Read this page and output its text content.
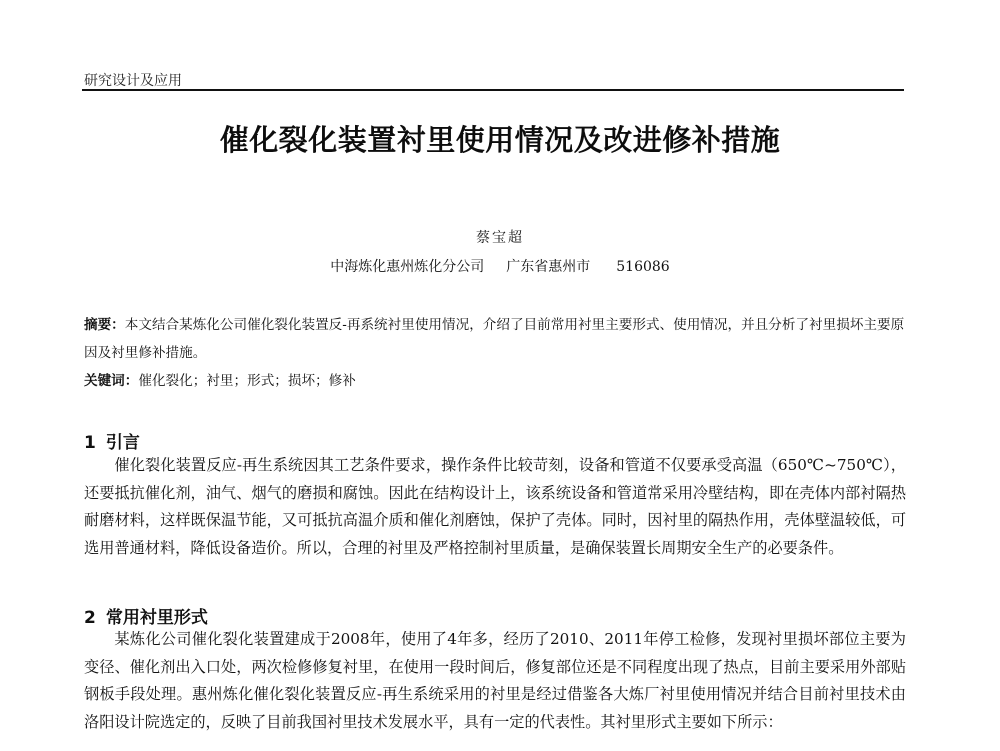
研究设计及应用
催化裂化装置衬里使用情况及改进修补措施
蔡宝超
中海炼化惠州炼化分公司 广东省惠州市 516086

摘要：本文结合某炼化公司催化裂化装置反-再系统衬里使用情况，介绍了目前常用衬里主要形式、使用情况，并且分析了衬里损坏主要原因及衬里修补措施。

关键词：催化裂化；衬里；形式；损坏；修补

1 引言

催化裂化装置反应-再生系统因其工艺条件要求，操作条件比较苛刻，设备和管道不仅要承受高温（650℃~750℃），还要抵抗催化剂，油气、烟气的磨损和腐蚀。因此在结构设计上，该系统设备和管道常采用冷壁结构，即在壳体内部衬隔热耐磨材料，这样既保温节能，又可抵抗高温介质和催化剂磨蚀，保护了壳体。同时，因衬里的隔热作用，壳体壁温较低，可选用普通材料，降低设备造价。所以，合理的衬里及严格控制衬里质量，是确保装置长周期安全生产的必要条件。

2 常用衬里形式

某炼化公司催化裂化装置建成于2008年，使用了4年多，经历了2010、2011年停工检修，发现衬里损坏部位主要为变径、催化剂出入口处，两次检修修复衬里，在使用一段时间后，修复部位还是不同程度出现了热点，目前主要采用外部贴钢板手段处理。惠州炼化催化裂化装置反应-再生系统采用的衬里是经过借鉴各大炼厂衬里使用情况并结合目前衬里技术由洛阳设计院选定的，反映了目前我国衬里技术发展水平，具有一定的代表性。其衬里形式主要如下所示：
